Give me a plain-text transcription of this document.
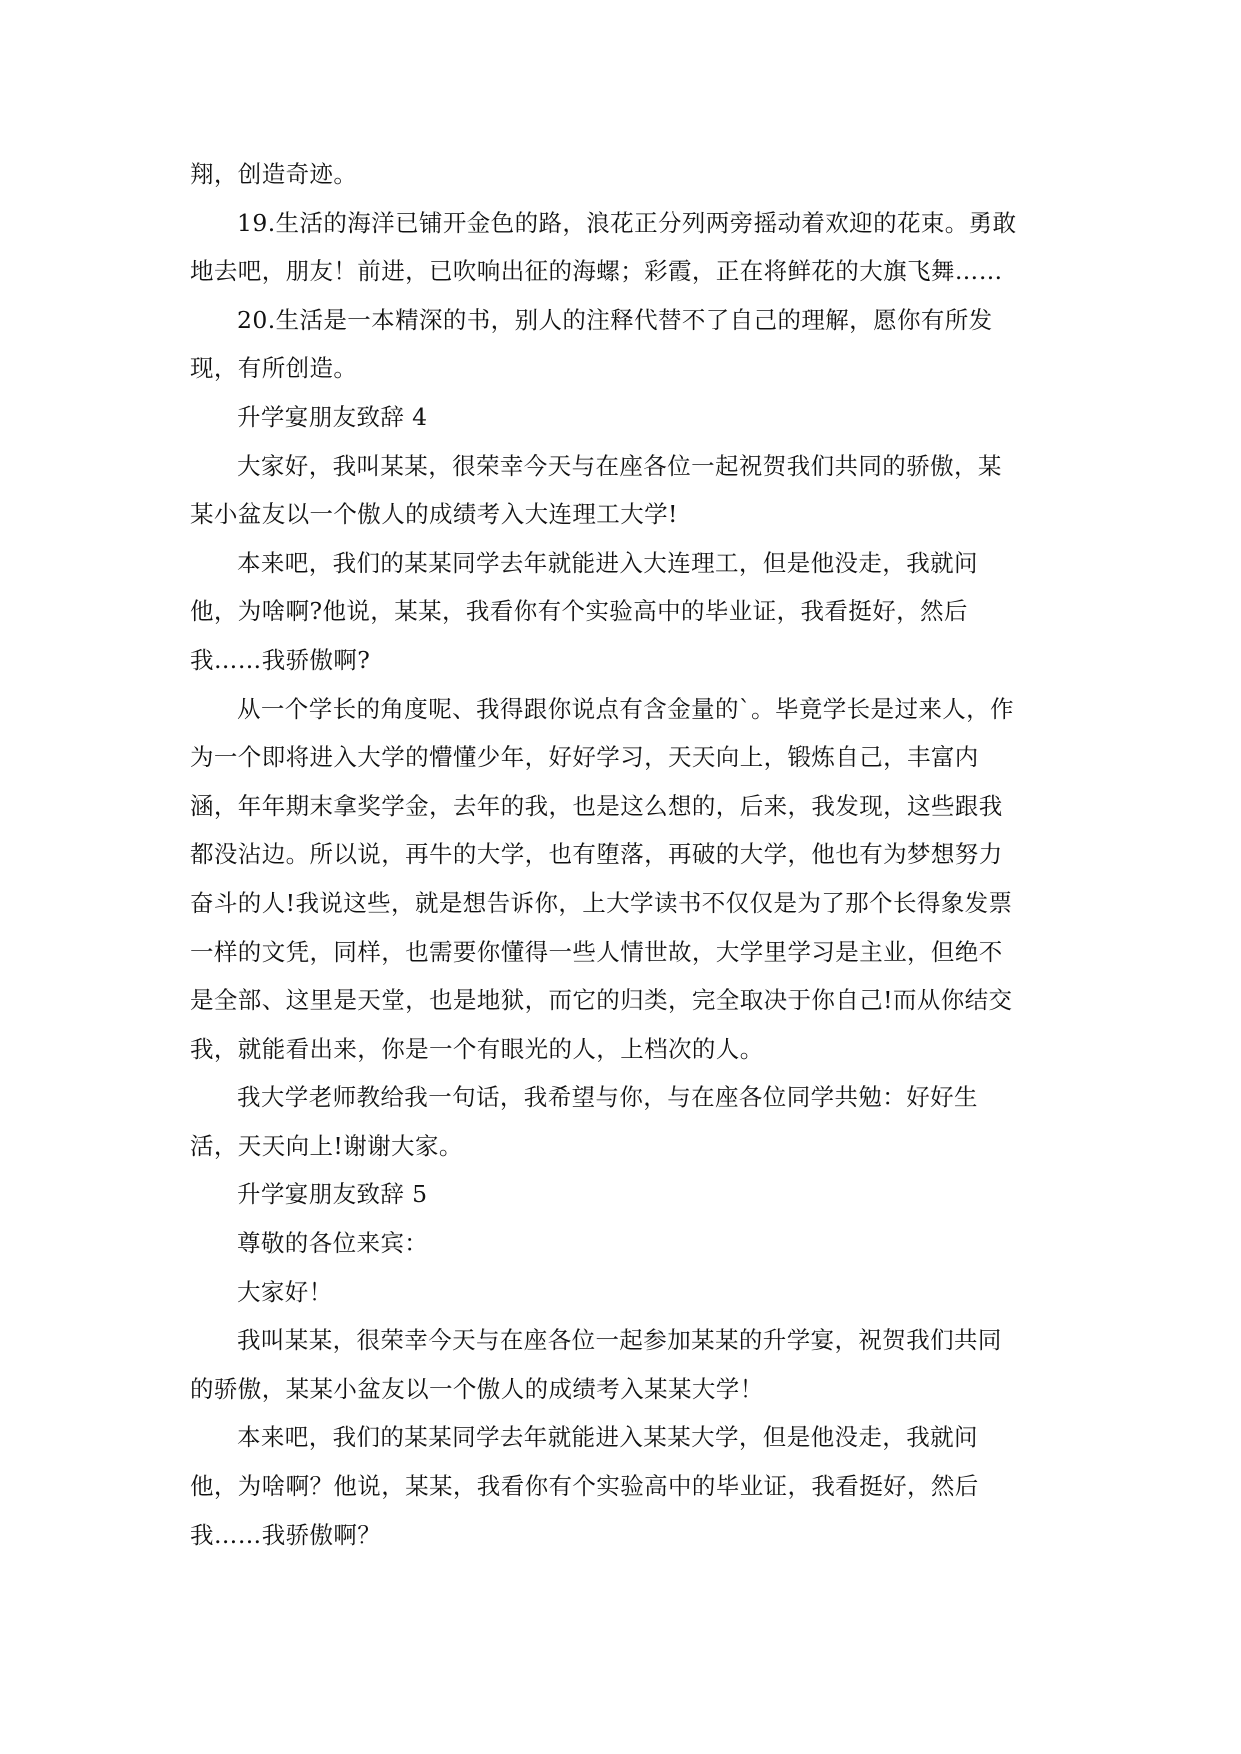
翔，创造奇迹。
19.生活的海洋已铺开金色的路，浪花正分列两旁摇动着欢迎的花束。勇敢
地去吧，朋友！前进，已吹响出征的海螺；彩霞，正在将鲜花的大旗飞舞……
20.生活是一本精深的书，别人的注释代替不了自己的理解，愿你有所发
现，有所创造。
升学宴朋友致辞 4
大家好，我叫某某，很荣幸今天与在座各位一起祝贺我们共同的骄傲，某
某小盆友以一个傲人的成绩考入大连理工大学!
本来吧，我们的某某同学去年就能进入大连理工，但是他没走，我就问
他，为啥啊?他说，某某，我看你有个实验高中的毕业证，我看挺好，然后
我……我骄傲啊?
从一个学长的角度呢、我得跟你说点有含金量的`。毕竟学长是过来人，作
为一个即将进入大学的懵懂少年，好好学习，天天向上，锻炼自己，丰富内
涵，年年期末拿奖学金，去年的我，也是这么想的，后来，我发现，这些跟我
都没沾边。所以说，再牛的大学，也有堕落，再破的大学，他也有为梦想努力
奋斗的人!我说这些，就是想告诉你，上大学读书不仅仅是为了那个长得象发票
一样的文凭，同样，也需要你懂得一些人情世故，大学里学习是主业，但绝不
是全部、这里是天堂，也是地狱，而它的归类，完全取决于你自己!而从你结交
我，就能看出来，你是一个有眼光的人，上档次的人。
我大学老师教给我一句话，我希望与你，与在座各位同学共勉：好好生
活，天天向上!谢谢大家。
升学宴朋友致辞 5
尊敬的各位来宾：
大家好！
我叫某某，很荣幸今天与在座各位一起参加某某的升学宴，祝贺我们共同
的骄傲，某某小盆友以一个傲人的成绩考入某某大学！
本来吧，我们的某某同学去年就能进入某某大学，但是他没走，我就问
他，为啥啊？他说，某某，我看你有个实验高中的毕业证，我看挺好，然后
我……我骄傲啊？
